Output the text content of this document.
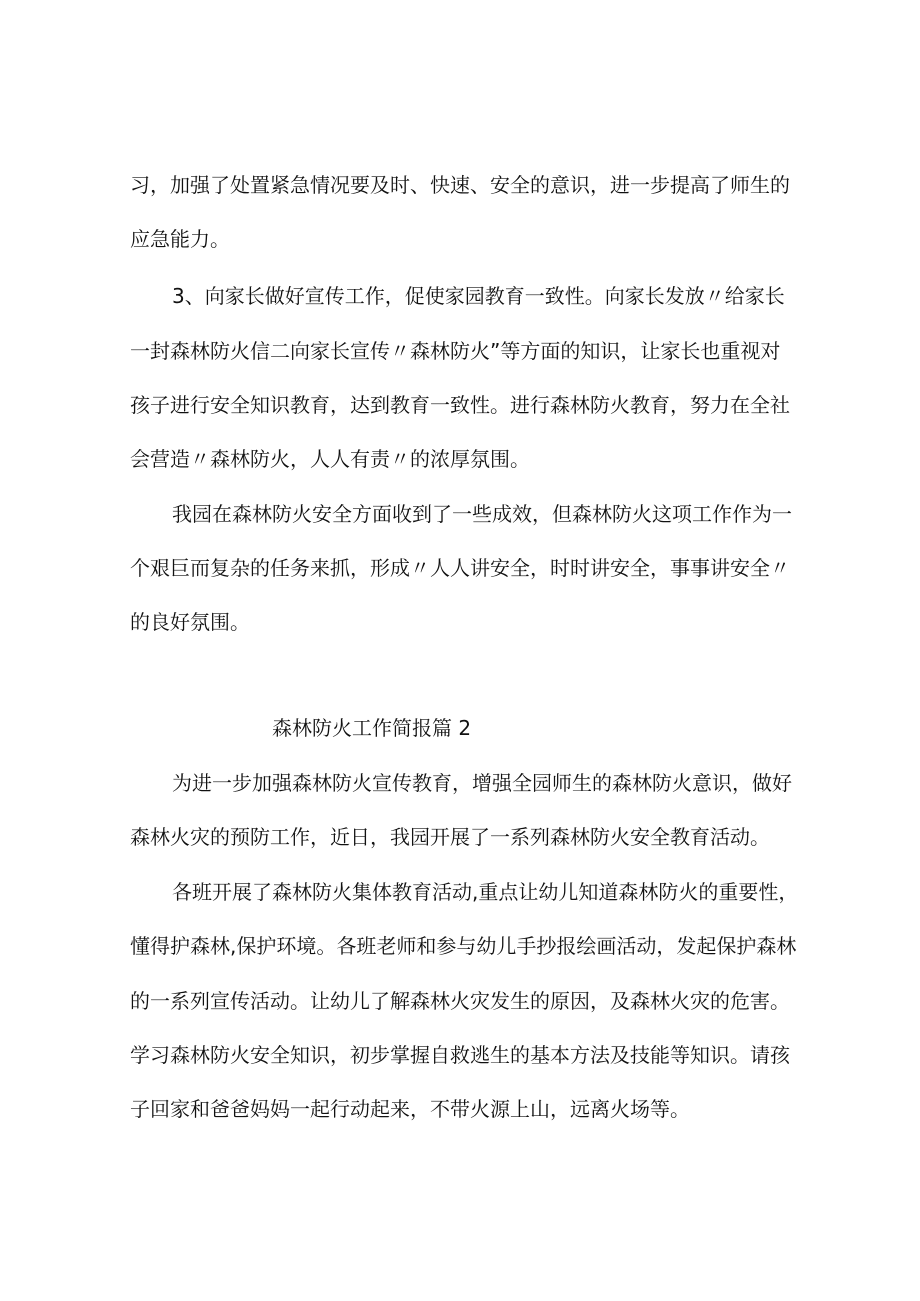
习，加强了处置紧急情况要及时、快速、安全的意识，进一步提高了师生的
应急能力。
3、向家长做好宣传工作，促使家园教育一致性。向家长发放〃给家长
一封森林防火信二向家长宣传〃森林防火”等方面的知识，让家长也重视对
孩子进行安全知识教育，达到教育一致性。进行森林防火教育，努力在全社
会营造〃森林防火，人人有责〃的浓厚氛围。
我园在森林防火安全方面收到了一些成效，但森林防火这项工作作为一
个艰巨而复杂的任务来抓，形成〃人人讲安全，时时讲安全，事事讲安全〃
的良好氛围。
森林防火工作简报篇 2
为进一步加强森林防火宣传教育，增强全园师生的森林防火意识，做好
森林火灾的预防工作，近日，我园开展了一系列森林防火安全教育活动。
各班开展了森林防火集体教育活动,重点让幼儿知道森林防火的重要性，
懂得护森林,保护环境。各班老师和参与幼儿手抄报绘画活动，发起保护森林
的一系列宣传活动。让幼儿了解森林火灾发生的原因，及森林火灾的危害。
学习森林防火安全知识，初步掌握自救逃生的基本方法及技能等知识。请孩
子回家和爸爸妈妈一起行动起来，不带火源上山，远离火场等。
